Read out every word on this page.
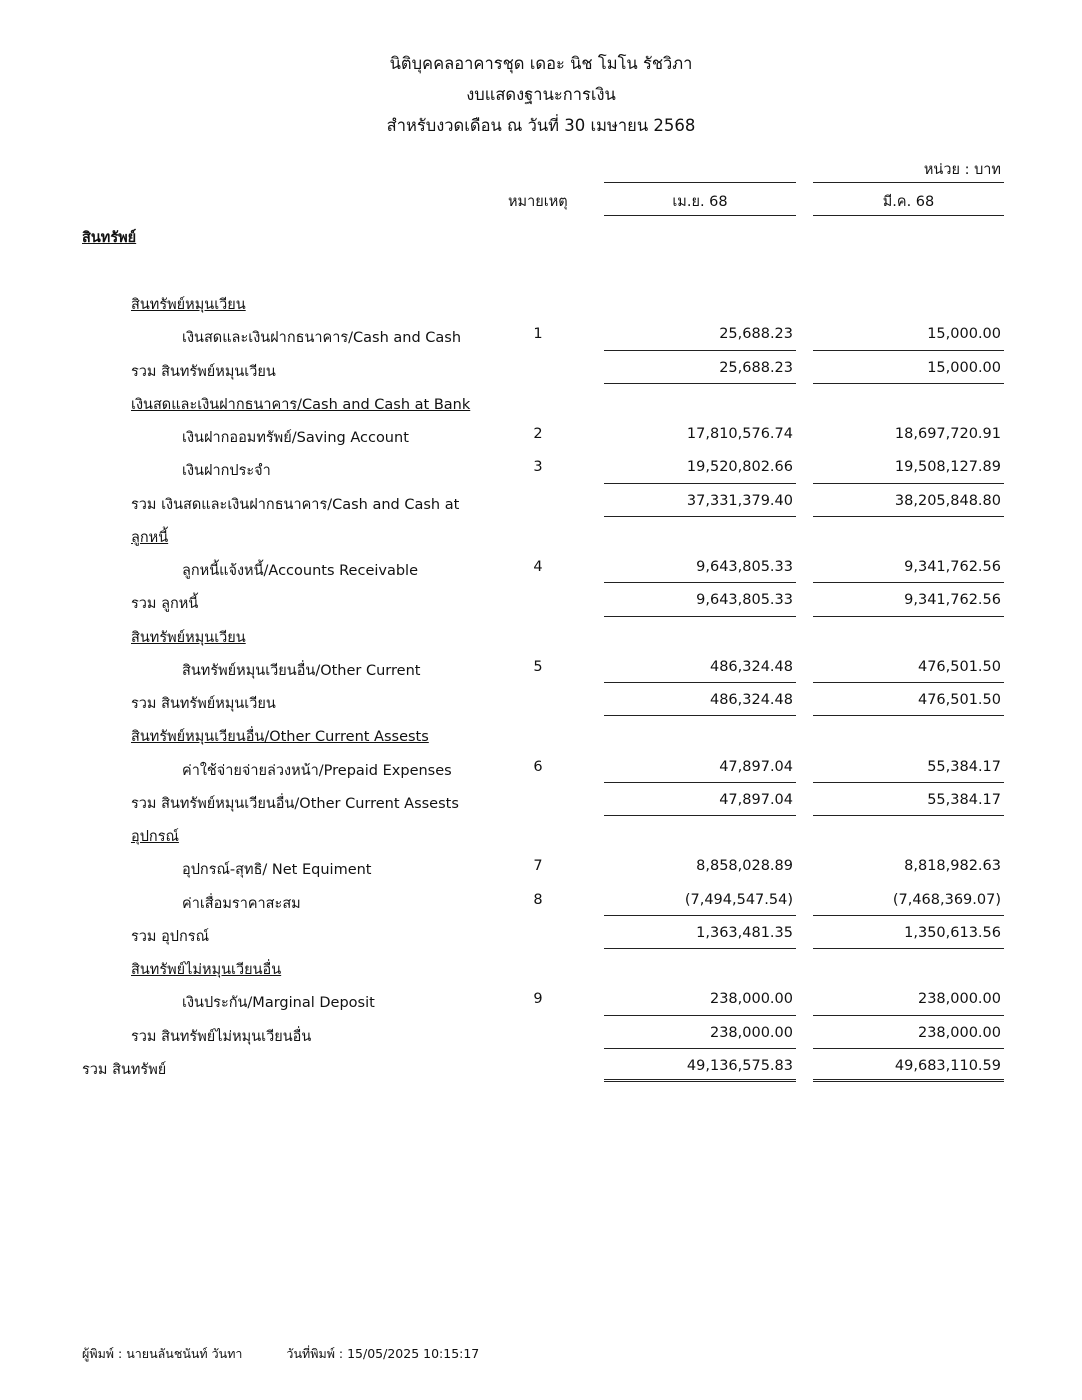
นิติบุคคลอาคารชุด เดอะ นิช โมโน รัชวิภา
งบแสดงฐานะการเงิน
สำหรับงวดเดือน ณ วันที่ 30 เมษายน 2568
หน่วย : บาท
หมายเหตุ	เม.ย. 68	มี.ค. 68
สินทรัพย์
สินทรัพย์หมุนเวียน
เงินสดและเงินฝากธนาคาร/Cash and Cash	1	25,688.23	15,000.00
รวม สินทรัพย์หมุนเวียน	25,688.23	15,000.00
เงินสดและเงินฝากธนาคาร/Cash and Cash at Bank
เงินฝากออมทรัพย์/Saving Account	2	17,810,576.74	18,697,720.91
เงินฝากประจำ	3	19,520,802.66	19,508,127.89
รวม เงินสดและเงินฝากธนาคาร/Cash and Cash at	37,331,379.40	38,205,848.80
ลูกหนี้
ลูกหนี้แจ้งหนี้/Accounts Receivable	4	9,643,805.33	9,341,762.56
รวม ลูกหนี้	9,643,805.33	9,341,762.56
สินทรัพย์หมุนเวียน
สินทรัพย์หมุนเวียนอื่น/Other Current	5	486,324.48	476,501.50
รวม สินทรัพย์หมุนเวียน	486,324.48	476,501.50
สินทรัพย์หมุนเวียนอื่น/Other Current Assests
ค่าใช้จ่ายจ่ายล่วงหน้า/Prepaid Expenses	6	47,897.04	55,384.17
รวม สินทรัพย์หมุนเวียนอื่น/Other Current Assests	47,897.04	55,384.17
อุปกรณ์
อุปกรณ์-สุทธิ/ Net Equiment	7	8,858,028.89	8,818,982.63
ค่าเสื่อมราคาสะสม	8	(7,494,547.54)	(7,468,369.07)
รวม อุปกรณ์	1,363,481.35	1,350,613.56
สินทรัพย์ไม่หมุนเวียนอื่น
เงินประกัน/Marginal Deposit	9	238,000.00	238,000.00
รวม สินทรัพย์ไม่หมุนเวียนอื่น	238,000.00	238,000.00
รวม สินทรัพย์	49,136,575.83	49,683,110.59
ผู้พิมพ์ : นายนลันชนันท์ วันทา	วันที่พิมพ์ : 15/05/2025 10:15:17
